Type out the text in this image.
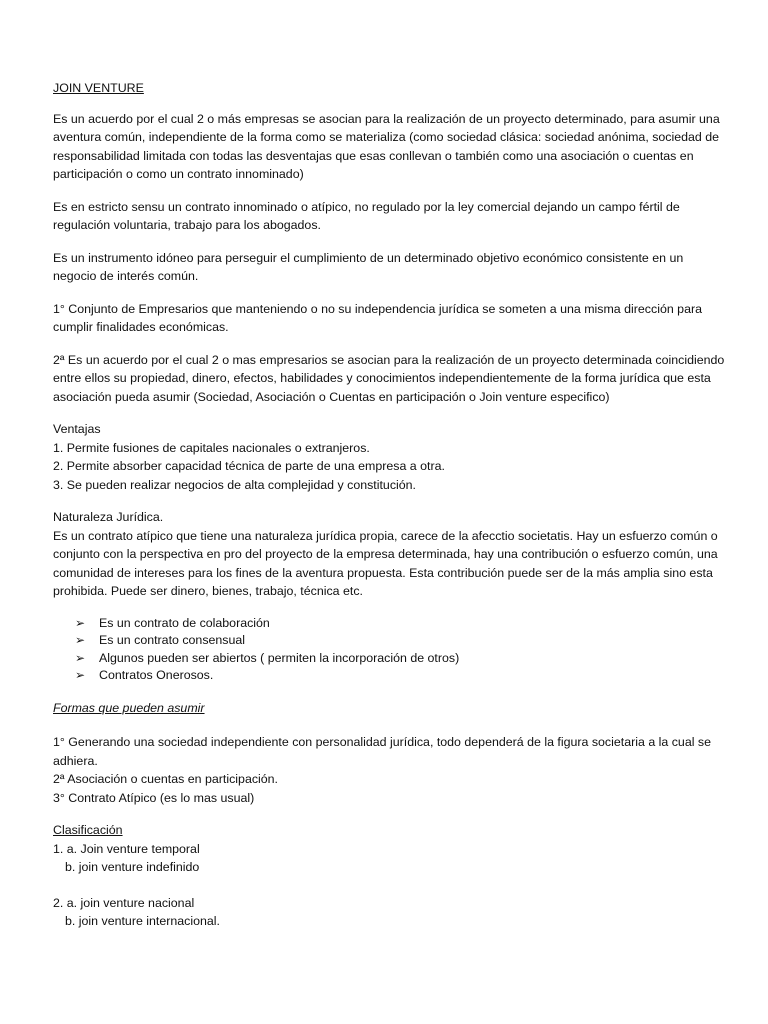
JOIN VENTURE

Es un acuerdo por el cual 2 o más empresas se asocian para la realización de un proyecto determinado, para asumir una aventura común, independiente de la forma como se materializa (como sociedad clásica: sociedad anónima, sociedad de responsabilidad limitada con todas las desventajas que esas conllevan o también como una asociación o cuentas en participación o como un contrato innominado)

Es en estricto sensu un contrato innominado o atípico, no regulado por la ley comercial dejando un campo fértil de regulación voluntaria, trabajo para los abogados.

Es un instrumento idóneo para perseguir el cumplimiento de un determinado objetivo económico consistente en un negocio de interés común.

1° Conjunto de Empresarios que manteniendo o no su independencia jurídica se someten a una misma dirección para cumplir finalidades económicas.

2ª Es un acuerdo por el cual 2 o mas empresarios se asocian para la realización de un proyecto determinada coincidiendo entre ellos su propiedad, dinero, efectos, habilidades y conocimientos independientemente de la forma jurídica que esta asociación pueda asumir (Sociedad, Asociación o Cuentas en participación o Join venture especifico)

Ventajas
1. Permite fusiones de capitales nacionales o extranjeros.
2. Permite absorber capacidad técnica de parte de una empresa a otra.
3. Se pueden realizar negocios de alta complejidad y constitución.
Naturaleza Jurídica.
Es un contrato atípico que tiene una naturaleza jurídica propia, carece de la afecctio societatis. Hay un esfuerzo común o conjunto con la perspectiva en pro del proyecto de la empresa determinada, hay una contribución o esfuerzo común, una comunidad de intereses para los fines de la aventura propuesta. Esta contribución puede ser de la más amplia sino esta prohibida. Puede ser dinero, bienes, trabajo, técnica etc.
➢ Es un contrato de colaboración
➢ Es un contrato consensual
➢ Algunos pueden ser abiertos ( permiten la incorporación de otros)
➢ Contratos Onerosos.
Formas que pueden asumir
1° Generando una sociedad independiente con personalidad jurídica, todo dependerá de la figura societaria a la cual se adhiera.
2ª Asociación o cuentas en participación.
3° Contrato Atípico (es lo mas usual)
Clasificación
1. a. Join venture temporal
b. join venture indefinido
2. a. join venture nacional
b. join venture internacional.
